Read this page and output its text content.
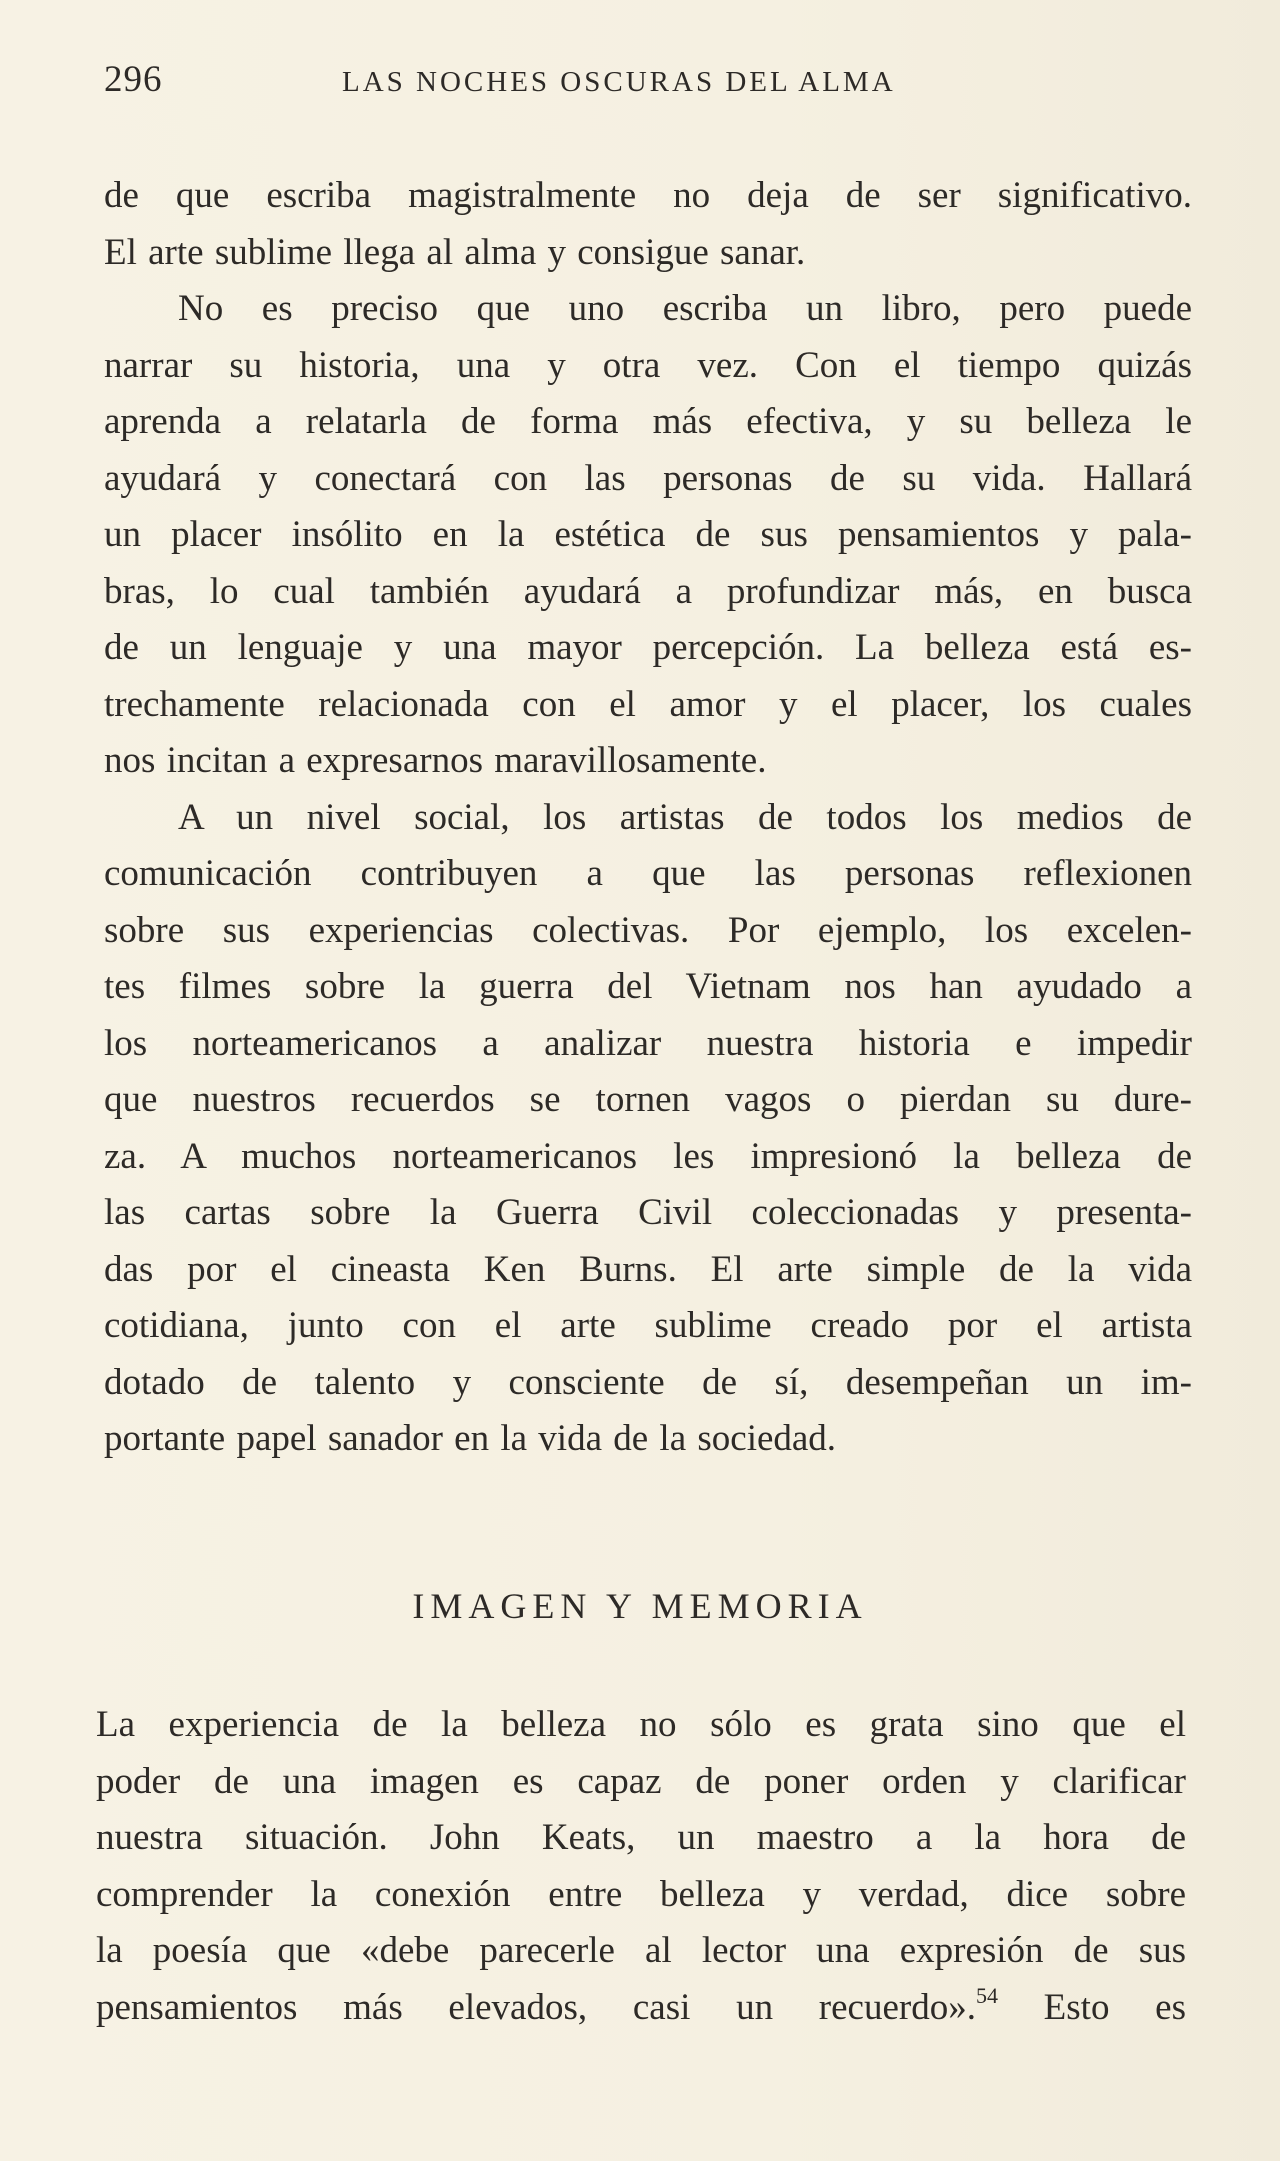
296	LAS NOCHES OSCURAS DEL ALMA
de que escriba magistralmente no deja de ser significativo.
El arte sublime llega al alma y consigue sanar.
No es preciso que uno escriba un libro, pero puede
narrar su historia, una y otra vez. Con el tiempo quizás
aprenda a relatarla de forma más efectiva, y su belleza le
ayudará y conectará con las personas de su vida. Hallará
un placer insólito en la estética de sus pensamientos y pala-
bras, lo cual también ayudará a profundizar más, en busca
de un lenguaje y una mayor percepción. La belleza está es-
trechamente relacionada con el amor y el placer, los cuales
nos incitan a expresarnos maravillosamente.
A un nivel social, los artistas de todos los medios de
comunicación contribuyen a que las personas reflexionen
sobre sus experiencias colectivas. Por ejemplo, los excelen-
tes filmes sobre la guerra del Vietnam nos han ayudado a
los norteamericanos a analizar nuestra historia e impedir
que nuestros recuerdos se tornen vagos o pierdan su dure-
za. A muchos norteamericanos les impresionó la belleza de
las cartas sobre la Guerra Civil coleccionadas y presenta-
das por el cineasta Ken Burns. El arte simple de la vida
cotidiana, junto con el arte sublime creado por el artista
dotado de talento y consciente de sí, desempeñan un im-
portante papel sanador en la vida de la sociedad.
IMAGEN Y MEMORIA
La experiencia de la belleza no sólo es grata sino que el
poder de una imagen es capaz de poner orden y clarificar
nuestra situación. John Keats, un maestro a la hora de
comprender la conexión entre belleza y verdad, dice sobre
la poesía que «debe parecerle al lector una expresión de sus
pensamientos más elevados, casi un recuerdo».$^{54}$ Esto es
